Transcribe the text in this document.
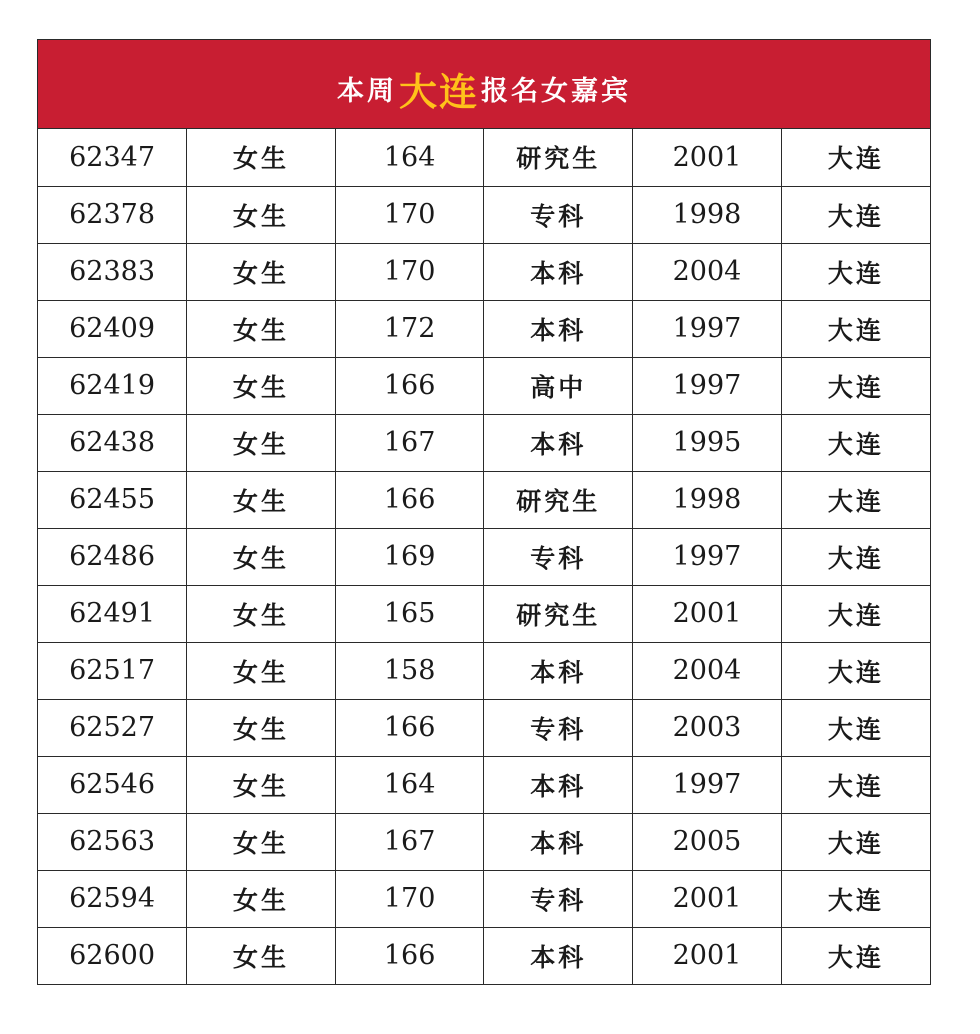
本周 大连 报名女嘉宾
62347	女生	164	研究生	2001	大连
62378	女生	170	专科	1998	大连
62383	女生	170	本科	2004	大连
62409	女生	172	本科	1997	大连
62419	女生	166	高中	1997	大连
62438	女生	167	本科	1995	大连
62455	女生	166	研究生	1998	大连
62486	女生	169	专科	1997	大连
62491	女生	165	研究生	2001	大连
62517	女生	158	本科	2004	大连
62527	女生	166	专科	2003	大连
62546	女生	164	本科	1997	大连
62563	女生	167	本科	2005	大连
62594	女生	170	专科	2001	大连
62600	女生	166	本科	2001	大连
